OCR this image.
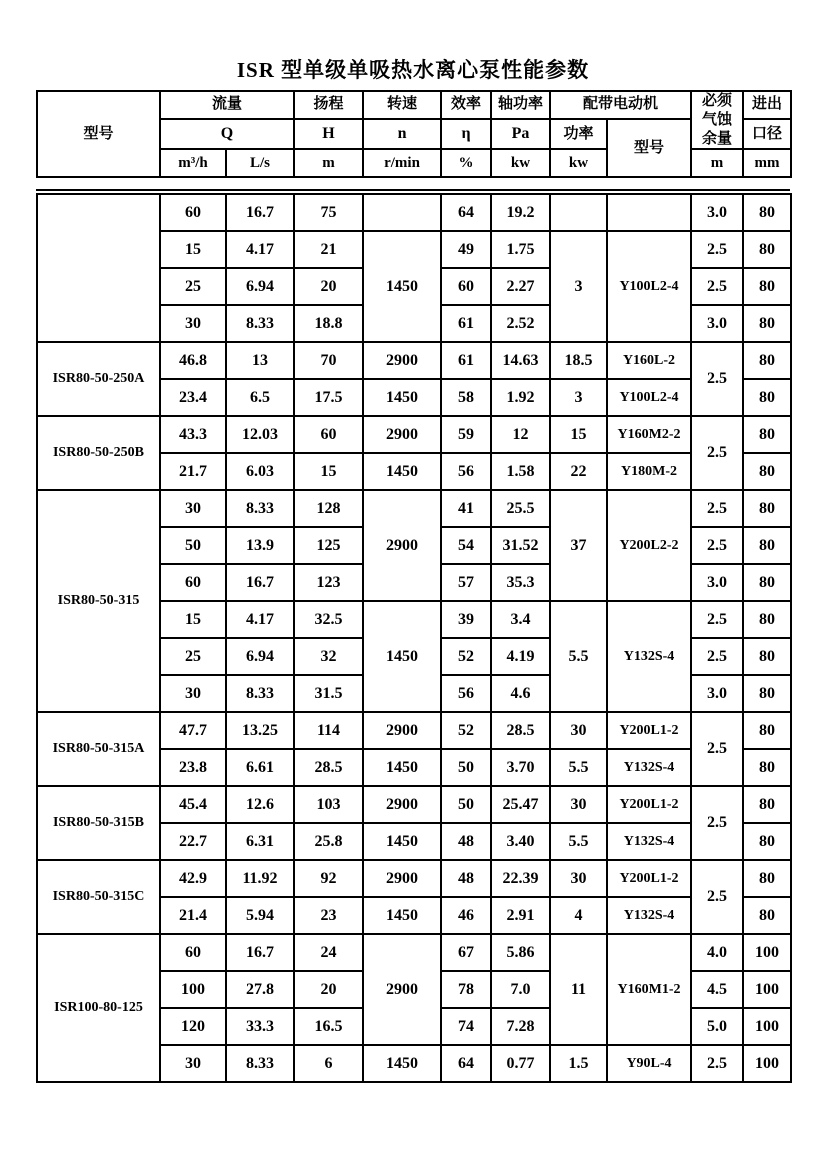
ISR 型单级单吸热水离心泵性能参数
型号	流量		扬程	转速	效率	轴功率	配带电动机		必须气蚀余量	进出
	Q		H	n	η	Pa	功率	型号		口径
	m³/h	L/s	m	r/min	%	kw	kw		m	mm
	60	16.7	75		64	19.2			3.0	80
	15	4.17	21	1450	49	1.75	3	Y100L2-4	2.5	80
	25	6.94	20		60	2.27			2.5	80
	30	8.33	18.8		61	2.52			3.0	80
ISR80-50-250A	46.8	13	70	2900	61	14.63	18.5	Y160L-2	2.5	80
	23.4	6.5	17.5	1450	58	1.92	3	Y100L2-4		80
ISR80-50-250B	43.3	12.03	60	2900	59	12	15	Y160M2-2	2.5	80
	21.7	6.03	15	1450	56	1.58	22	Y180M-2		80
ISR80-50-315	30	8.33	128	2900	41	25.5	37	Y200L2-2	2.5	80
	50	13.9	125		54	31.52			2.5	80
	60	16.7	123		57	35.3			3.0	80
	15	4.17	32.5	1450	39	3.4	5.5	Y132S-4	2.5	80
	25	6.94	32		52	4.19			2.5	80
	30	8.33	31.5		56	4.6			3.0	80
ISR80-50-315A	47.7	13.25	114	2900	52	28.5	30	Y200L1-2	2.5	80
	23.8	6.61	28.5	1450	50	3.70	5.5	Y132S-4		80
ISR80-50-315B	45.4	12.6	103	2900	50	25.47	30	Y200L1-2	2.5	80
	22.7	6.31	25.8	1450	48	3.40	5.5	Y132S-4		80
ISR80-50-315C	42.9	11.92	92	2900	48	22.39	30	Y200L1-2	2.5	80
	21.4	5.94	23	1450	46	2.91	4	Y132S-4		80
ISR100-80-125	60	16.7	24	2900	67	5.86	11	Y160M1-2	4.0	100
	100	27.8	20		78	7.0			4.5	100
	120	33.3	16.5		74	7.28			5.0	100
	30	8.33	6	1450	64	0.77	1.5	Y90L-4	2.5	100
